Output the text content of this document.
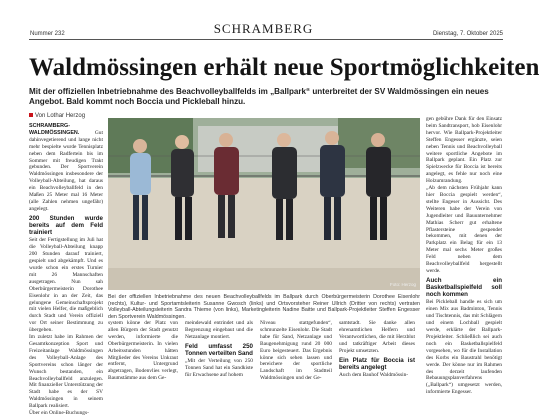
Nummer 232	SCHRAMBERG	Dienstag, 7. Oktober 2025
Waldmössingen erhält neue Sportmöglichkeiten
Mit der offiziellen Inbetriebnahme des Beachvolleyballfelds im „Ballpark“ unterbreitet der SV Waldmössingen ein neues Angebot. Bald kommt noch Boccia und Pickleball hinzu.
Von Lothar Herzog
SCHRAMBERG-WALDMÖSSINGEN.	Gut dahinvegetierend und lange nicht mehr bespielte wurde Tennisplatz neben dem Radfertein bis im Sommer mit freudigen Trakt gebunden. Der Sportverein Waldmössingen insbesondere der Volleyball-Abteilung, hat daraus ein Beachvolleyballfeld in den Maßen 25 Meter mal 16 Meter (alle Zahlen nehmen ungefähr) angelegt.
200 Stunden wurde bereits auf dem Feld trainiert
Seit der Fertigstellung im Juli hat die Volleyball-Abteilung knapp 200 Stunden darauf trainiert, gespielt und abgekämpft. Und es wurde schon ein erstes Turnier mit 26 Mannschaften ausgetragen. Nun sah Oberbürgermeisterin Dorothee Eisenlohr in an der Zeit, das gelungene Gemeinschaftsprojekt mit vielen Helfer, die maßgeblich durch Stadt und Verein offiziell vor Ort seiner Bestimmung zu übergeben.
Im zuletzt habe im Rahmen der Gesamtkonzeption Sport und Freizeitanlage Waldmössingen des Volleyball-Anlage des Sportvereins schon länger der Wunsch bestanden, ein Beachvolleyballfeld anzulegen. Mit finanzieller Unterstützung der Stadt habe es der SV Waldmössingen in seinem Ballpark realisiert.
Über ein Online-Buchungs-
Foto: Herzog
Bei der offiziellen Inbetriebnahme des neuen Beachvolleyballfelds im Ballpark durch Oberbürgermeisterin Dorothee Eisenlohr (rechts), Kultur- und Sportamtsleiterin Susanne Gwosch (links) und Ortsvorsteher Reiner Ullrich (Dritter von rechts) vertraten Volleyball-Abteilungsleiterin Sandra Thieme (von links), Marketingleiterin Nadine Baitte und Ballpark-Projektleiter Steffen Engesser den Sportverein Waldmössingen.
system könne der Platz von allen Bürgern der Stadt genutzt werden, informierte die Oberbürgermeisterin. In vielen Arbeitsstunden hätten Mitglieder des Vereins Unkraut entfernt, Untergrund abgetragen, Bodenvlies verlegt, Baumstämme aus dem Ge-
meindewald entrindet und als Begrenzung eingebaut und die Netzanlage montiert.
Feld umfasst 250 Tonnen verteilten Sand
„Mit der Verteilung von 250 Tonnen Sand hat ein Sandkiste für Erwachsene auf hohem
Niveau stattgefunden“, schmunzelte Eisenlohr. Die Stadt habe für Sand, Netzanlage und Baugenehmigung rund 20 000 Euro beigesteuert. Das Ergebnis könne sich sehen lassen und bereichere der sportliche Landschaft im Stadtteil Waldmössingen und der Ge-
samtstadt. Sie danke allen ehrenamtlichen Helfern und Verantwortlichen, die mit Herzblut und tatkräftiger Arbeit dieses Projekt umsetzten.
Ein Platz für Boccia ist bereits angelegt
Auch dem Bauhof Waldmössin-
gen gebühre Dank für den Einsatz beim Sandtransport, hob Eisenlohr hervor. Wie Ballpark-Projektleiter Steffen Engesser ergänzte, seien neben Tennis und Beachvolleyball weitere sportliche Angebote im Ballpark geplant. Ein Platz zur Spielzwecke für Boccia ist bereits angelegt, es fehle nur noch eine Holzumrandung.
„Ab dem nächsten Frühjahr kann hier Boccia gespielt werden“, stellte Engeser in Aussicht. Des Weiteren habe der Verein von Jugendleiter und Bauunternehmer Mathias Scherr gut erhaltene Pflastersteine gespendet bekommen, mit denen der Parkplatz ein Belag für ein 13 Meter mal sechs Meter großes Feld neben dem Beachvolleyballfeld hergestellt werde.
Auch ein Basketballspielfeld soll noch kommen
Bei Pickleball handle es sich um einen Mix aus Badminton, Tennis und Tischtennis, das mit Schlägern und einem Lochball gespielt werde, erklärte der Ballpark-Projektleiter. Schließlich sei auch noch ein Basketballspielfeld vorgesehen, wo für die Installation des Korbs ein Baustrahl benötigt werde. Der könne nur im Rahmen des derzeit laufenden Bebauungsplanverfahrens („Ballpark“) umgesetzt werden, informierte Engesser.
